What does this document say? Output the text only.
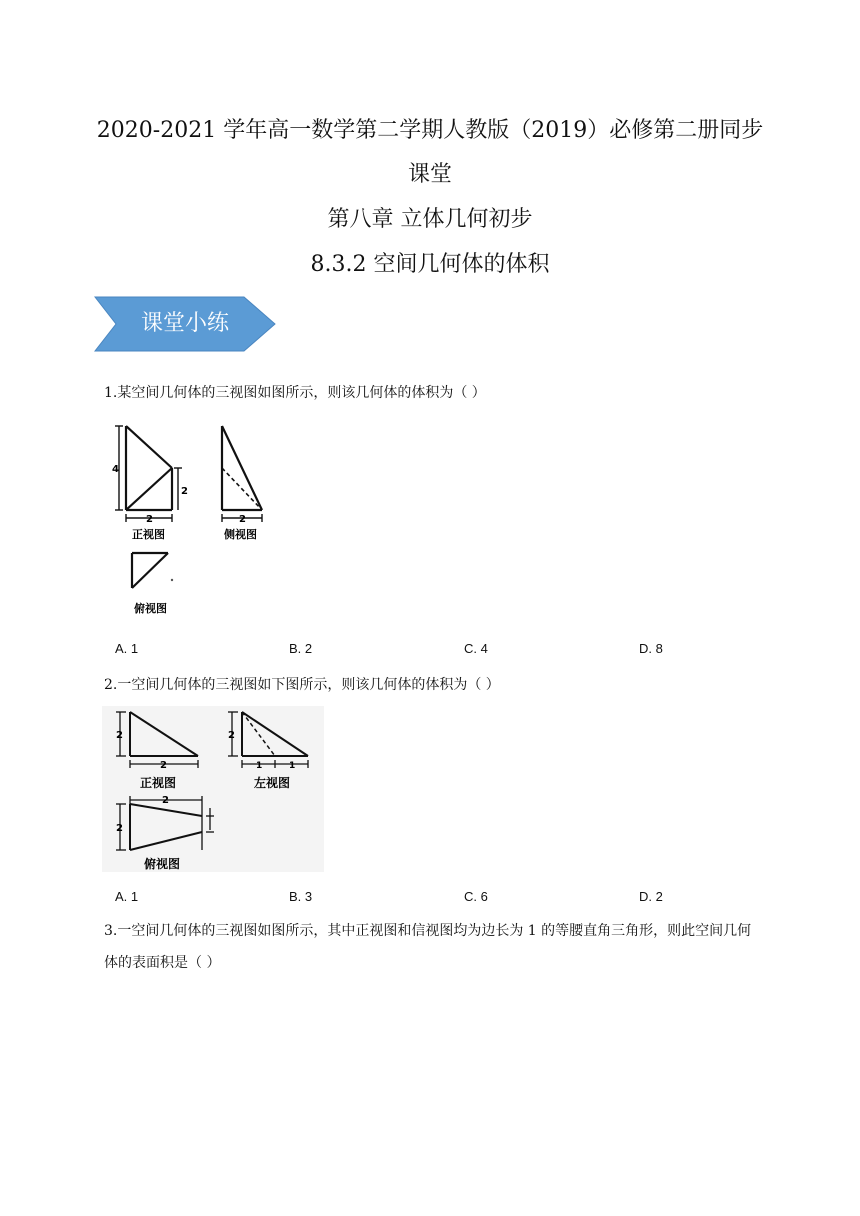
2020-2021 学年高一数学第二学期人教版（2019）必修第二册同步
课堂
第八章 立体几何初步
8.3.2 空间几何体的体积
课堂小练
1.某空间几何体的三视图如图所示，则该几何体的体积为（ ）
4
2
2	2
正视图	侧视图
俯视图
A. 1	B. 2	C. 4	D. 8
2.一空间几何体的三视图如下图所示，则该几何体的体积为（ ）
2
2
2
1	1
正视图	左视图
2
2
俯视图
A. 1	B. 3	C. 6	D. 2
3.一空间几何体的三视图如图所示，其中正视图和信视图均为边长为 1 的等腰直角三角形，则此空间几何体的表面积是（ ）
